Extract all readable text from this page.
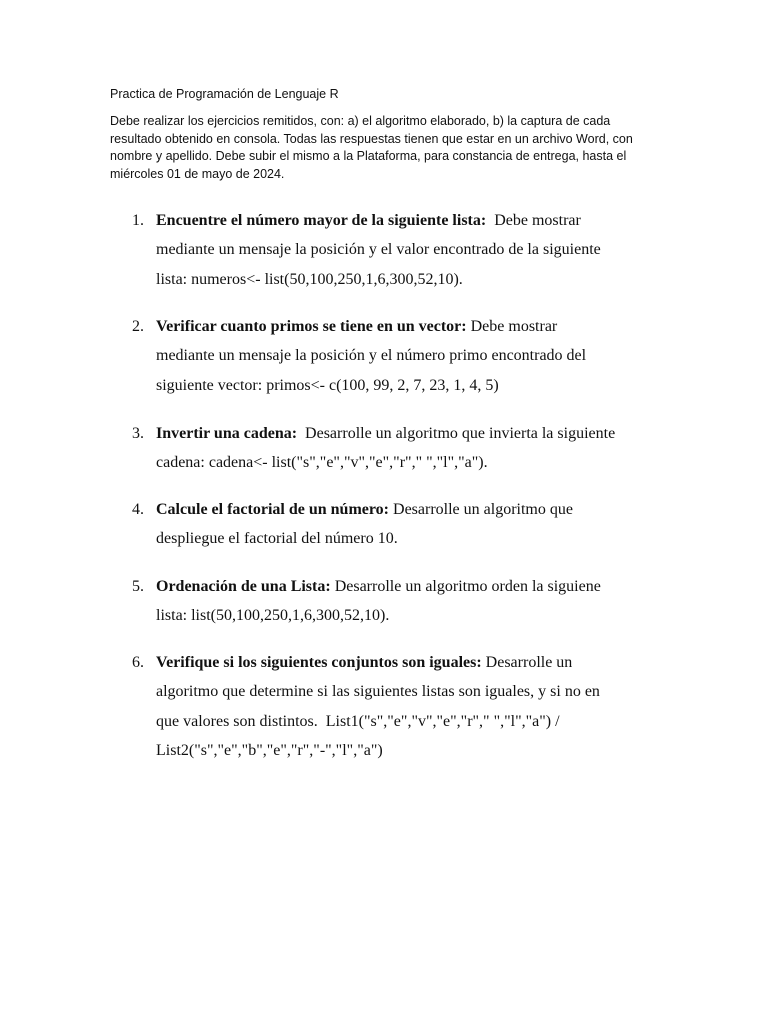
Practica de Programación de Lenguaje R

Debe realizar los ejercicios remitidos, con: a) el algoritmo elaborado, b) la captura de cada
resultado obtenido en consola. Todas las respuestas tienen que estar en un archivo Word, con
nombre y apellido. Debe subir el mismo a la Plataforma, para constancia de entrega, hasta el
miércoles 01 de mayo de 2024.

1. Encuentre el número mayor de la siguiente lista: Debe mostrar
mediante un mensaje la posición y el valor encontrado de la siguiente
lista: numeros<- list(50,100,250,1,6,300,52,10).
2. Verificar cuanto primos se tiene en un vector: Debe mostrar
mediante un mensaje la posición y el número primo encontrado del
siguiente vector: primos<- c(100, 99, 2, 7, 23, 1, 4, 5)
3. Invertir una cadena: Desarrolle un algoritmo que invierta la siguiente
cadena: cadena<- list("s","e","v","e","r"," ","l","a").
4. Calcule el factorial de un número: Desarrolle un algoritmo que
despliegue el factorial del número 10.
5. Ordenación de una Lista: Desarrolle un algoritmo orden la siguiene
lista: list(50,100,250,1,6,300,52,10).
6. Verifique si los siguientes conjuntos son iguales: Desarrolle un
algoritmo que determine si las siguientes listas son iguales, y si no en
que valores son distintos.  List1("s","e","v","e","r"," ","l","a") /
List2("s","e","b","e","r","-","l","a")
